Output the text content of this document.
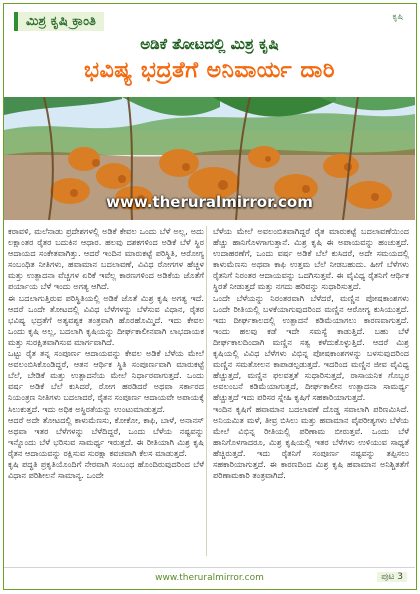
ಮಿಶ್ರ ಕೃಷಿ ಕ್ರಾಂತಿ	ಕೃಷಿ
ಅಡಿಕೆ ತೋಟದಲ್ಲಿ ಮಿಶ್ರ ಕೃಷಿ
ಭವಿಷ್ಯ ಭದ್ರತೆಗೆ ಅನಿವಾರ್ಯ ದಾರಿ
www.theruralmirror.com

ಕರಾವಳಿ, ಮಲೆನಾಡು ಪ್ರದೇಶಗಳಲ್ಲಿ ಅಡಿಕೆ ಕೇವಲ ಒಂದು ಬೆಳೆ ಅಲ್ಲ, ಅದು ಲಕ್ಷಾಂತರ ರೈತರ ಬದುಕಿನ ಆಧಾರ. ಹಲವು ದಶಕಗಳಿಂದ ಅಡಿಕೆ ಬೆಳೆ ಸ್ಥಿರ ಆದಾಯದ ಸಂಕೇತವಾಗಿತ್ತು. ಆದರೆ ಇಂದಿನ ಮಾರುಕಟ್ಟೆ ಪರಿಸ್ಥಿತಿ, ಆರೋಗ್ಯ ಸಂಬಂಧಿತ ನೀತಿಗಳು, ಹವಾಮಾನ ಬದಲಾವಣೆ, ವಿವಿಧ ರೋಗಗಳ ಹೆಚ್ಚಳ ಮತ್ತು ಉತ್ಪಾದನಾ ವೆಚ್ಚಗಳ ಏರಿಕೆ ಇವೆಲ್ಲ ಕಾರಣಗಳಿಂದ ಅಡಿಕೆಯ ಜೊತೆಗೆ ಪರ್ಯಾಯ ಬೆಳೆ ಇಂದು ಅಗತ್ಯ ಆಗಿದೆ.

ಈ ಬದಲಾಗುತ್ತಿರುವ ಪರಿಸ್ಥಿತಿಯಲ್ಲಿ ಅಡಿಕೆ ಜೊತೆ ಮಿಶ್ರ ಕೃಷಿ ಅಗತ್ಯ ಇದೆ. ಆದರೆ ಒಂದೇ ತೋಟದಲ್ಲಿ ವಿವಿಧ ಬೆಳೆಗಳನ್ನು ಬೆಳೆಸುವ ವಿಧಾನ, ರೈತರ ಭವಿಷ್ಯ ಭದ್ರತೆಗೆ ಅತ್ಯವಶ್ಯಕ ತಂತ್ರವಾಗಿ ಹೊರಹೊಮ್ಮಿದೆ. ಇದು ಕೇವಲ ಒಂದು ಕೃಷಿ ಅಲ್ಲ, ಬದಲಾಗಿ ಕೃಷಿಯನ್ನು ದೀರ್ಘಕಾಲೀನವಾಗಿ ಲಾಭದಾಯಕ ಮತ್ತು ಸುರಕ್ಷಿತವಾಗಿಸುವ ಮಾರ್ಗವಾಗಿದೆ.

ಒಟ್ಟು ರೈತ ತನ್ನ ಸಂಪೂರ್ಣ ಆದಾಯವನ್ನು ಕೇವಲ ಅಡಿಕೆ ಬೆಳೆಯ ಮೇಲೆ ಅವಲಂಬಿಸಿಕೊಂಡಿದ್ದರೆ, ಆತನ ಆರ್ಥಿಕ ಸ್ಥಿತಿ ಸಂಪೂರ್ಣವಾಗಿ ಮಾರುಕಟ್ಟೆ ಬೆಲೆ, ಬೇಡಿಕೆ ಮತ್ತು ಉತ್ಪಾದನೆಯ ಮೇಲೆ ನಿರ್ಧಾರವಾಗುತ್ತದೆ. ಒಂದು ವರ್ಷ ಅಡಿಕೆ ಬೆಲೆ ಕುಸಿದರೆ, ರೋಗ ಹರಡಿದರೆ ಅಥವಾ ಸರ್ಕಾರದ ನಿಯಂತ್ರಣ ನೀತಿಗಳು ಬದಲಾದರೆ, ರೈತನ ಸಂಪೂರ್ಣ ಆದಾಯವೇ ಅಪಾಯಕ್ಕೆ ಸಿಲುಕುತ್ತದೆ. ಇದು ಅಧಿಕ ಅಸ್ಥಿರತೆಯನ್ನು ಉಂಟುಮಾಡುತ್ತದೆ.

ಆದರೆ ಅದೇ ತೋಟದಲ್ಲಿ ಕಾಳುಮೆಣಸು, ಕೋಕೋ, ಕಾಫಿ, ಬಾಳೆ, ಅನಾನಸ್ ಅಥವಾ ಇತರ ಬೆಳೆಗಳನ್ನು ಬೆಳೆದಿದ್ದರೆ, ಒಂದು ಬೆಳೆಯ ನಷ್ಟವನ್ನು ಇನ್ನೊಂದು ಬೆಳೆ ಭರಿಸುವ ಸಾಮರ್ಥ್ಯ ಇರುತ್ತದೆ. ಈ ರೀತಿಯಾಗಿ ಮಿಶ್ರ ಕೃಷಿ ರೈತನ ಆದಾಯವನ್ನು ರಕ್ಷಿಸುವ ಸುರಕ್ಷಾ ಕವಚವಾಗಿ ಕೆಲಸ ಮಾಡುತ್ತದೆ.

ಕೃಷಿ ಪದ್ಧತಿ ಪ್ರಕೃತಿಯೊಂದಿಗೆ ನೇರವಾಗಿ ಸಂಬಂಧ ಹೊಂದಿರುವುದರಿಂದ ಬೆಳೆ ವಿಧಾನ ಪರಿಶೀಲನೆ ಸಾಮಾನ್ಯ. ಒಂದೇ

ಬೆಳೆಯ ಮೇಲೆ ಅವಲಂಬಿತವಾಗಿದ್ದರೆ ರೈತ ಮಾರುಕಟ್ಟೆ ಬದಲಾವಣೆಯಿಂದ ಹೆಚ್ಚು ಹಾನಿಗೊಳಗಾಗುತ್ತಾನೆ. ಮಿಶ್ರ ಕೃಷಿ ಈ ಅಪಾಯವನ್ನು ಹಂಚುತ್ತದೆ. ಉದಾಹರಣೆಗೆ, ಒಂದು ವರ್ಷ ಅಡಿಕೆ ಬೆಲೆ ಕುಸಿದರೆ, ಅದೇ ಸಮಯದಲ್ಲಿ ಕಾಳುಮೆಣಸು ಅಥವಾ ಕಾಫಿ ಉತ್ತಮ ಬೆಲೆ ನೀಡಬಹುದು. ಹೀಗೆ ಬೆಳೆಗಳು ರೈತನಿಗೆ ನಿರಂತರ ಆದಾಯವನ್ನು ಒದಗಿಸುತ್ತವೆ. ಈ ವೈವಿಧ್ಯ ರೈತನಿಗೆ ಆರ್ಥಿಕ ಸ್ಥಿರತೆ ನೀಡುತ್ತದೆ ಮತ್ತು ನಗದು ಹರಿವನ್ನು ಸುಧಾರಿಸುತ್ತದೆ.

ಒಂದೇ ಬೆಳೆಯನ್ನು ನಿರಂತರವಾಗಿ ಬೆಳೆದರೆ, ಮಣ್ಣಿನ ಪೋಷಕಾಂಶಗಳು ಒಂದೇ ರೀತಿಯಲ್ಲಿ ಬಳಕೆಯಾಗುವುದರಿಂದ ಮಣ್ಣಿನ ಆರೋಗ್ಯ ಕುಸಿಯುತ್ತದೆ. ಇದು ದೀರ್ಘಕಾಲದಲ್ಲಿ ಉತ್ಪಾದನೆ ಕಡಿಮೆಯಾಗಲು ಕಾರಣವಾಗುತ್ತದೆ. ಇಂದು ಹಲವು ಕಡೆ ಇದೇ ಸಮಸ್ಯೆ ಕಾಡುತ್ತಿದೆ. ಬಹು ಬೆಳೆ ದೀರ್ಘಕಾಲದಿಂದಾಗಿ ಮಣ್ಣಿನ ಸತ್ವ ಕಳೆದುಕೊಳ್ಳುತ್ತಿದೆ. ಆದರೆ ಮಿಶ್ರ ಕೃಷಿಯಲ್ಲಿ ವಿವಿಧ ಬೆಳೆಗಳು ವಿಭಿನ್ನ ಪೋಷಕಾಂಶಗಳನ್ನು ಬಳಸುವುದರಿಂದ ಮಣ್ಣಿನ ಸಮತೋಲನ ಕಾಪಾಡಲ್ಪಡುತ್ತದೆ. ಇದರಿಂದ ಮಣ್ಣಿನ ಜೀವ ವೈವಿಧ್ಯ ಹೆಚ್ಚುತ್ತದೆ, ಮಣ್ಣಿನ ಫಲವತ್ತತೆ ಸುಧಾರಿಸುತ್ತದೆ, ರಾಸಾಯನಿಕ ಗೊಬ್ಬರ ಅವಲಂಬನೆ ಕಡಿಮೆಯಾಗುತ್ತದೆ, ದೀರ್ಘಕಾಲೀನ ಉತ್ಪಾದನಾ ಸಾಮರ್ಥ್ಯ ಹೆಚ್ಚುತ್ತದೆ ಇದು ಪರಿಸರ ಸ್ನೇಹಿ ಕೃಷಿಗೆ ಸಹಕಾರಿಯಾಗುತ್ತದೆ.

ಇಂದಿನ ಕೃಷಿಗೆ ಹವಾಮಾನ ಬದಲಾವಣೆ ದೊಡ್ಡ ಸವಾಲಾಗಿ ಪರಿಣಮಿಸಿದೆ. ಅನಿಯಮಿತ ಮಳೆ, ತೀವ್ರ ಬಿಸಿಲು ಮತ್ತು ಹವಾಮಾನ ವೈಪರೀತ್ಯಗಳು ಬೆಳೆಯ ಮೇಲೆ ವಿಭಿನ್ನ ರೀತಿಯಲ್ಲಿ ಪರಿಣಾಮ ಬೀರುತ್ತವೆ. ಒಂದು ಬೆಳೆ ಹಾನಿಗೊಳಗಾದರೂ, ಮಿಶ್ರ ಕೃಷಿಯಲ್ಲಿ ಇತರ ಬೆಳೆಗಳು ಉಳಿಯುವ ಸಾಧ್ಯತೆ ಹೆಚ್ಚಿರುತ್ತದೆ. ಇದು ರೈತನಿಗೆ ಸಂಪೂರ್ಣ ನಷ್ಟವನ್ನು ತಪ್ಪಿಸಲು ಸಹಕಾರಿಯಾಗುತ್ತದೆ. ಈ ಕಾರಣದಿಂದ ಮಿಶ್ರ ಕೃಷಿ ಹವಾಮಾನ ಅನಿಶ್ಚಿತತೆಗೆ ಪರಿಣಾಮಕಾರಿ ತಂತ್ರವಾಗಿದೆ.

www.theruralmirror.com	ಪುಟ 3
